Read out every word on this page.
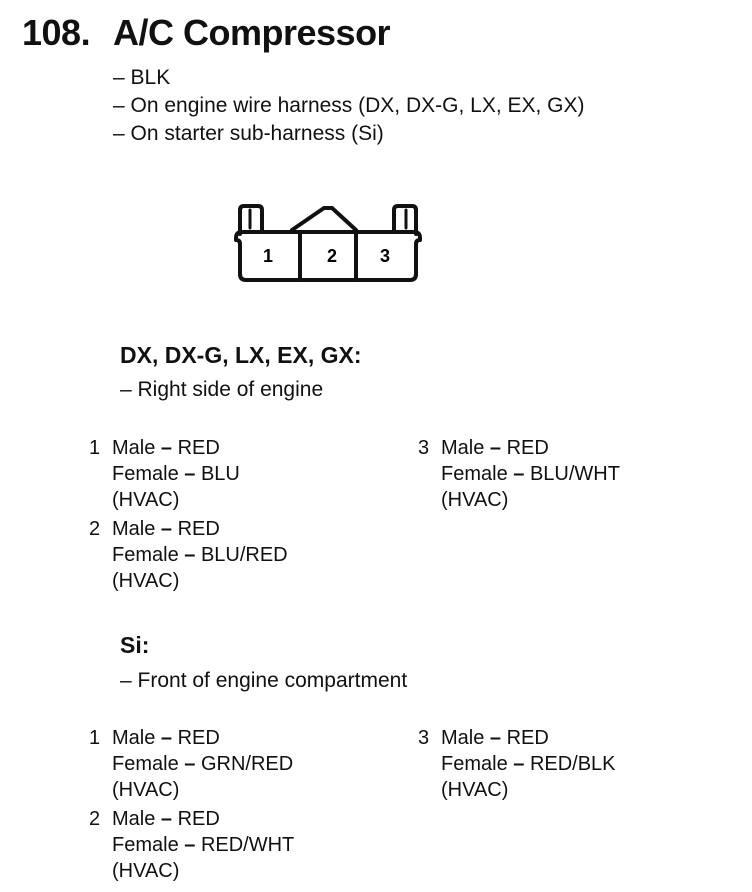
108. A/C Compressor
– BLK
– On engine wire harness (DX, DX-G, LX, EX, GX)
– On starter sub-harness (Si)
1	2 3
DX, DX-G, LX, EX, GX:
– Right side of engine
1 Male – RED
Female – BLU
(HVAC)
2 Male – RED
Female – BLU/RED
(HVAC)
3 Male – RED
Female – BLU/WHT
(HVAC)
Si:
– Front of engine compartment
1 Male – RED
Female – GRN/RED
(HVAC)
2 Male – RED
Female – RED/WHT
(HVAC)
3 Male – RED
Female – RED/BLK
(HVAC)
